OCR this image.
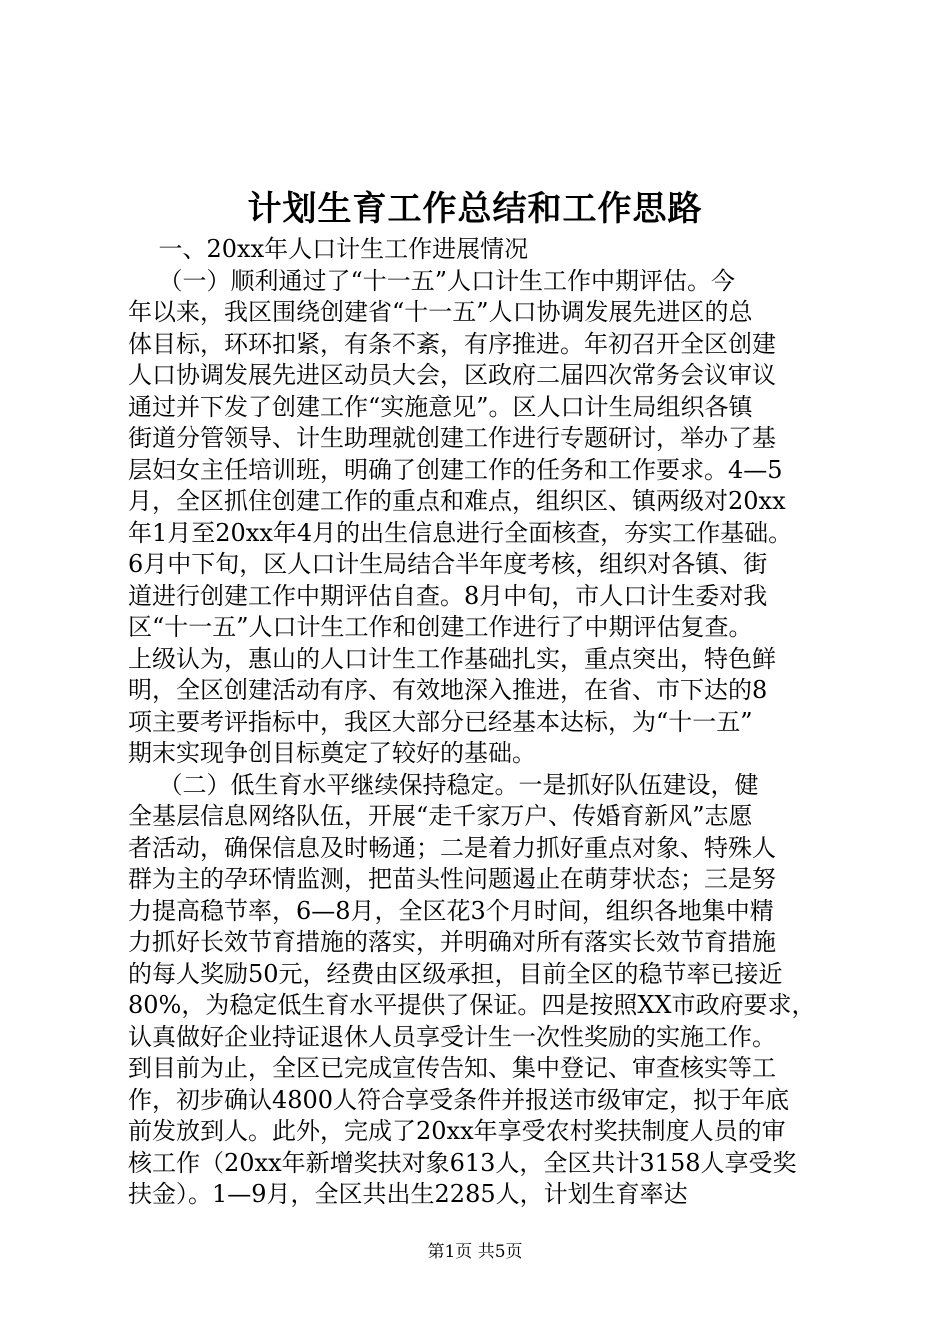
计划生育工作总结和工作思路
一、20xx年人口计生工作进展情况
（一）顺利通过了“十一五”人口计生工作中期评估。今
年以来，我区围绕创建省“十一五”人口协调发展先进区的总
体目标，环环扣紧，有条不紊，有序推进。年初召开全区创建
人口协调发展先进区动员大会，区政府二届四次常务会议审议
通过并下发了创建工作“实施意见”。区人口计生局组织各镇
街道分管领导、计生助理就创建工作进行专题研讨，举办了基
层妇女主任培训班，明确了创建工作的任务和工作要求。4—5
月，全区抓住创建工作的重点和难点，组织区、镇两级对20xx
年1月至20xx年4月的出生信息进行全面核查，夯实工作基础。
6月中下旬，区人口计生局结合半年度考核，组织对各镇、街
道进行创建工作中期评估自查。8月中旬，市人口计生委对我
区“十一五”人口计生工作和创建工作进行了中期评估复查。
上级认为，惠山的人口计生工作基础扎实，重点突出，特色鲜
明，全区创建活动有序、有效地深入推进，在省、市下达的8
项主要考评指标中，我区大部分已经基本达标，为“十一五”
期末实现争创目标奠定了较好的基础。
（二）低生育水平继续保持稳定。一是抓好队伍建设，健
全基层信息网络队伍，开展“走千家万户、传婚育新风”志愿
者活动，确保信息及时畅通；二是着力抓好重点对象、特殊人
群为主的孕环情监测，把苗头性问题遏止在萌芽状态；三是努
力提高稳节率，6—8月，全区花3个月时间，组织各地集中精
力抓好长效节育措施的落实，并明确对所有落实长效节育措施
的每人奖励50元，经费由区级承担，目前全区的稳节率已接近
80%，为稳定低生育水平提供了保证。四是按照XX市政府要求，
认真做好企业持证退休人员享受计生一次性奖励的实施工作。
到目前为止，全区已完成宣传告知、集中登记、审查核实等工
作，初步确认4800人符合享受条件并报送市级审定，拟于年底
前发放到人。此外，完成了20xx年享受农村奖扶制度人员的审
核工作（20xx年新增奖扶对象613人，全区共计3158人享受奖
扶金）。1—9月，全区共出生2285人，计划生育率达
第1页 共5页
